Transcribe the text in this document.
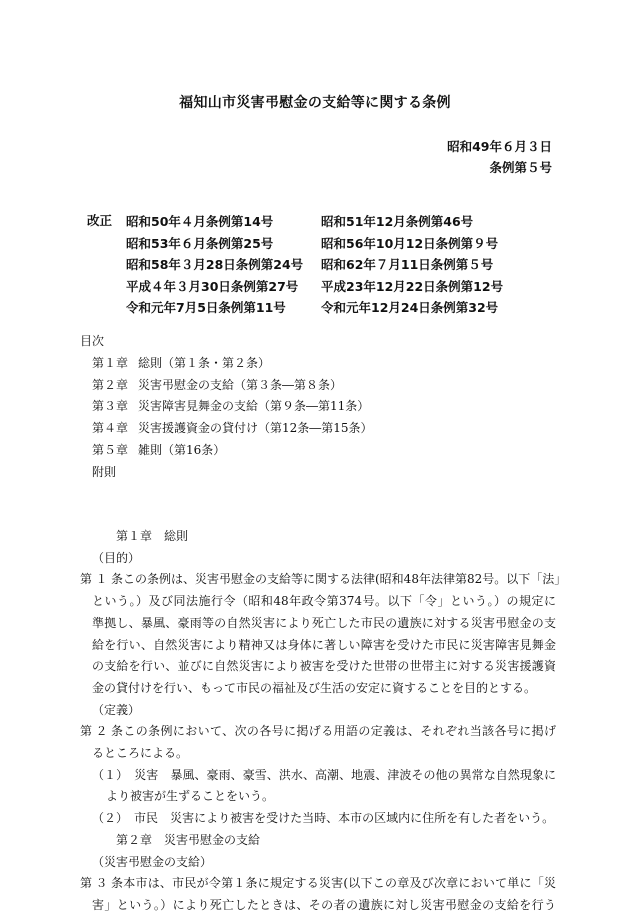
福知山市災害弔慰金の支給等に関する条例
昭和49年６月３日
条例第５号
改正 昭和50年４月条例第14号	昭和51年12月条例第46号
昭和53年６月条例第25号	昭和56年10月12日条例第９号
昭和58年３月28日条例第24号	昭和62年７月11日条例第５号
平成４年３月30日条例第27号	平成23年12月22日条例第12号
令和元年7月5日条例第11号	令和元年12月24日条例第32号
目次
第１章 総則（第１条・第２条）
第２章 災害弔慰金の支給（第３条―第８条）
第３章 災害障害見舞金の支給（第９条―第11条）
第４章 災害援護資金の貸付け（第12条―第15条）
第５章 雑則（第16条）
附則
第１章　総則
（目的）
第１条この条例は、災害弔慰金の支給等に関する法律(昭和48年法律第82号。以下「法」
という。）及び同法施行令（昭和48年政令第374号。以下「令」という。）の規定に
準拠し、暴風、豪雨等の自然災害により死亡した市民の遺族に対する災害弔慰金の支
給を行い、自然災害により精神又は身体に著しい障害を受けた市民に災害障害見舞金
の支給を行い、並びに自然災害により被害を受けた世帯の世帯主に対する災害援護資
金の貸付けを行い、もって市民の福祉及び生活の安定に資することを目的とする。
（定義）
第２条この条例において、次の各号に掲げる用語の定義は、それぞれ当該各号に掲げ
るところによる。
（１）　 災害　 暴風、豪雨、豪雪、洪水、高潮、地震、津波その他の異常な自然現象に
より被害が生ずることをいう。
（２）　 市民　 災害により被害を受けた当時、本市の区域内に住所を有した者をいう。
第２章　災害弔慰金の支給
（災害弔慰金の支給）
第３条本市は、市民が令第１条に規定する災害(以下この章及び次章において単に「災
害」という。）により死亡したときは、その者の遺族に対し災害弔慰金の支給を行う
